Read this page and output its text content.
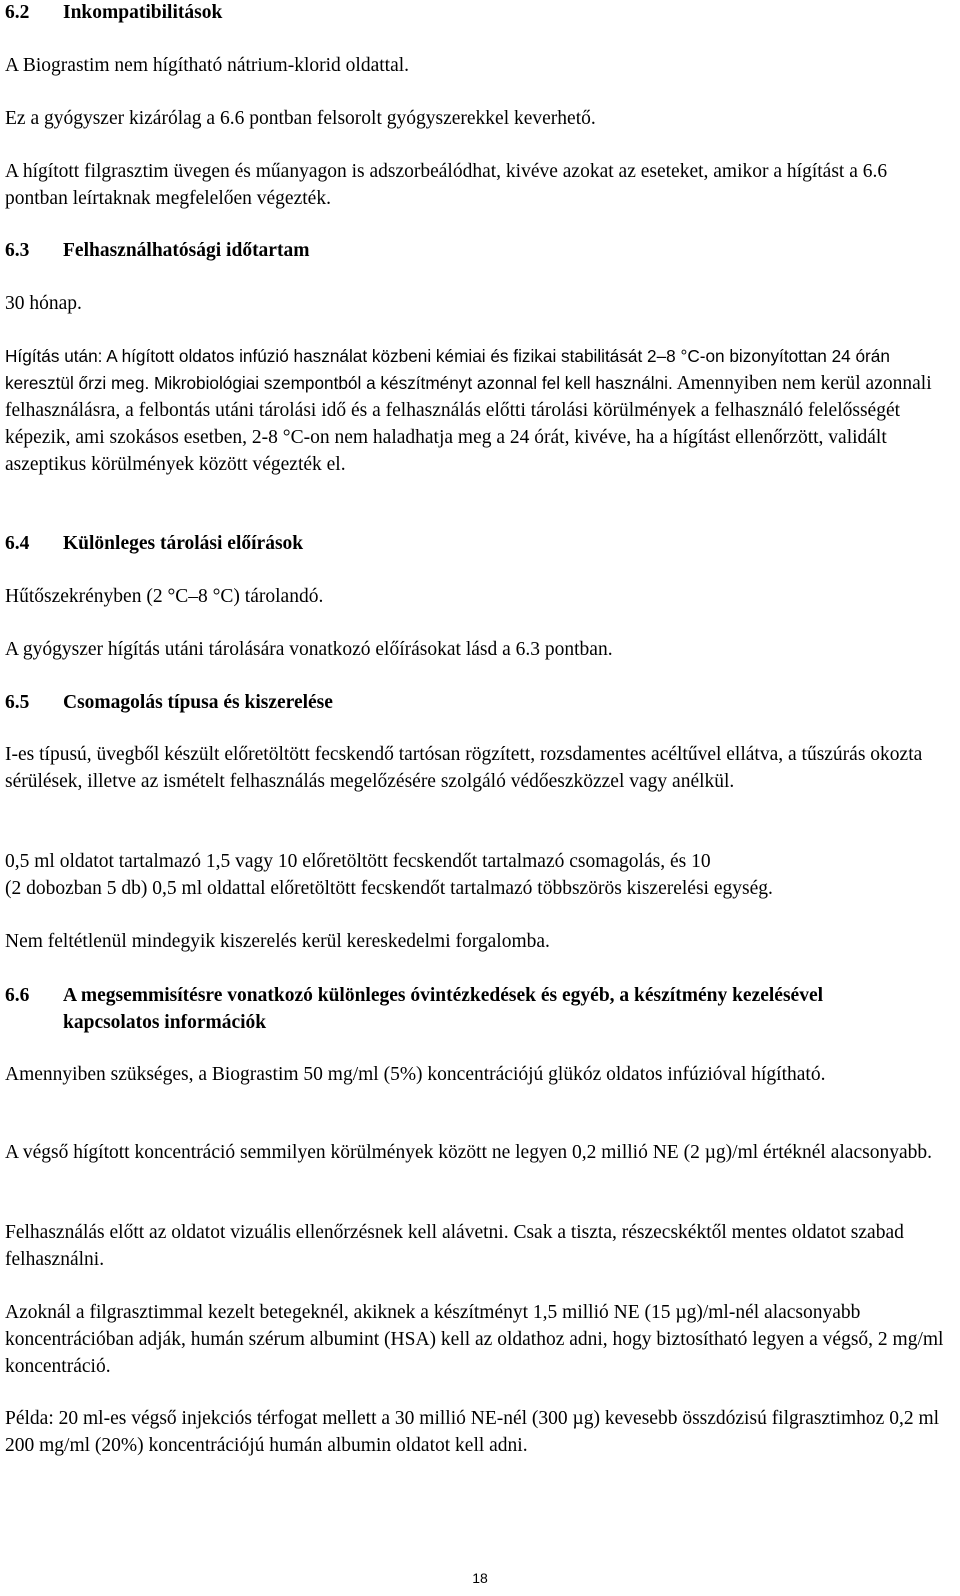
6.2	Inkompatibilitások

A Biograstim nem hígítható nátrium-klorid oldattal.

Ez a gyógyszer kizárólag a 6.6 pontban felsorolt gyógyszerekkel keverhető.

A hígított filgrasztim üvegen és műanyagon is adszorbeálódhat, kivéve azokat az eseteket, amikor a hígítást a 6.6 pontban leírtaknak megfelelően végezték.

6.3	Felhasználhatósági időtartam

30 hónap.

Hígítás után: A hígított oldatos infúzió használat közbeni kémiai és fizikai stabilitását 2–8 °C-on bizonyítottan 24 órán keresztül őrzi meg. Mikrobiológiai szempontból a készítményt azonnal fel kell használni. Amennyiben nem kerül azonnali felhasználásra, a felbontás utáni tárolási idő és a felhasználás előtti tárolási körülmények a felhasználó felelősségét képezik, ami szokásos esetben, 2-8 °C-on nem haladhatja meg a 24 órát, kivéve, ha a hígítást ellenőrzött, validált aszeptikus körülmények között végezték el.

6.4	Különleges tárolási előírások

Hűtőszekrényben (2 °C–8 °C) tárolandó.

A gyógyszer hígítás utáni tárolására vonatkozó előírásokat lásd a 6.3 pontban.

6.5	Csomagolás típusa és kiszerelése

I-es típusú, üvegből készült előretöltött fecskendő tartósan rögzített, rozsdamentes acéltűvel ellátva, a tűszúrás okozta sérülések, illetve az ismételt felhasználás megelőzésére szolgáló védőeszközzel vagy anélkül.

0,5 ml oldatot tartalmazó 1,5 vagy 10 előretöltött fecskendőt tartalmazó csomagolás, és 10

(2 dobozban 5 db) 0,5 ml oldattal előretöltött fecskendőt tartalmazó többszörös kiszerelési egység.

Nem feltétlenül mindegyik kiszerelés kerül kereskedelmi forgalomba.

6.6	A megsemmisítésre vonatkozó különleges óvintézkedések és egyéb, a készítmény kezelésével kapcsolatos információk

Amennyiben szükséges, a Biograstim 50 mg/ml (5%) koncentrációjú glükóz oldatos infúzióval hígítható.

A végső hígított koncentráció semmilyen körülmények között ne legyen 0,2 millió NE (2 µg)/ml értéknél alacsonyabb.

Felhasználás előtt az oldatot vizuális ellenőrzésnek kell alávetni. Csak a tiszta, részecskéktől mentes oldatot szabad felhasználni.

Azoknál a filgrasztimmal kezelt betegeknél, akiknek a készítményt 1,5 millió NE (15 µg)/ml-nél alacsonyabb koncentrációban adják, humán szérum albumint (HSA) kell az oldathoz adni, hogy biztosítható legyen a végső, 2 mg/ml koncentráció.

Példa: 20 ml-es végső injekciós térfogat mellett a 30 millió NE-nél (300 µg) kevesebb összdózisú filgrasztimhoz 0,2 ml 200 mg/ml (20%) koncentrációjú humán albumin oldatot kell adni.

18
